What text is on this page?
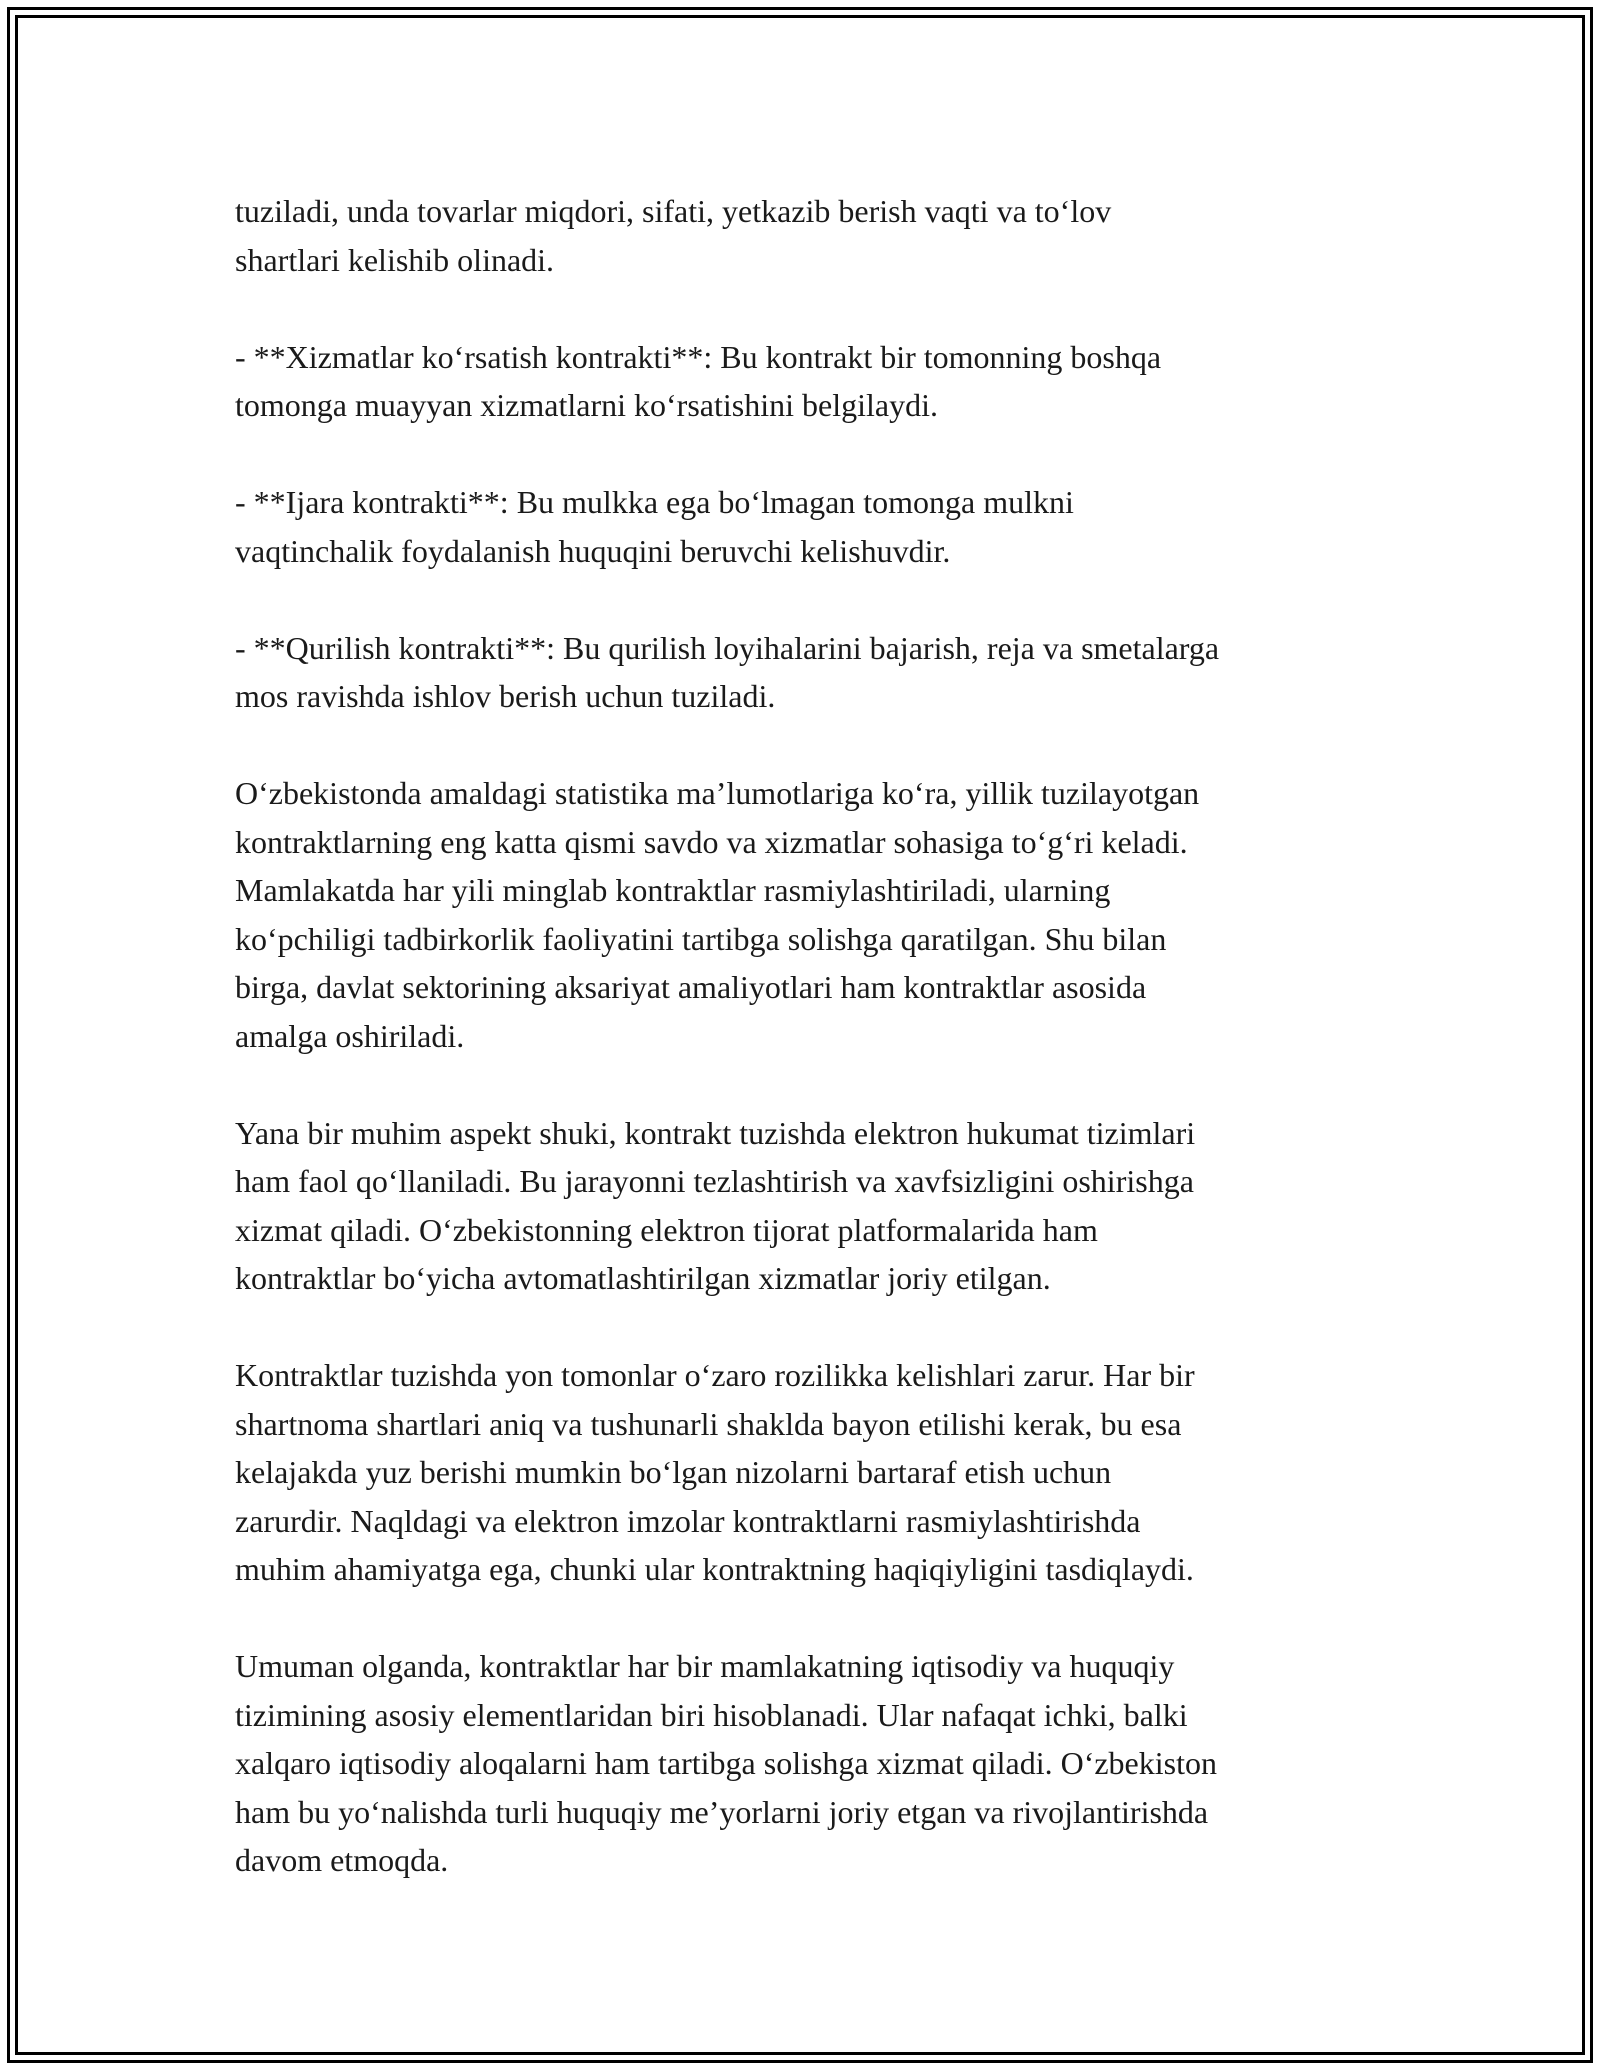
tuziladi, unda tovarlar miqdori, sifati, yetkazib berish vaqti va to‘lov
shartlari kelishib olinadi.

- **Xizmatlar ko‘rsatish kontrakti**: Bu kontrakt bir tomonning boshqa
tomonga muayyan xizmatlarni ko‘rsatishini belgilaydi.

- **Ijara kontrakti**: Bu mulkka ega bo‘lmagan tomonga mulkni
vaqtinchalik foydalanish huquqini beruvchi kelishuvdir.

- **Qurilish kontrakti**: Bu qurilish loyihalarini bajarish, reja va smetalarga
mos ravishda ishlov berish uchun tuziladi.

O‘zbekistonda amaldagi statistika ma’lumotlariga ko‘ra, yillik tuzilayotgan
kontraktlarning eng katta qismi savdo va xizmatlar sohasiga to‘g‘ri keladi.
Mamlakatda har yili minglab kontraktlar rasmiylashtiriladi, ularning
ko‘pchiligi tadbirkorlik faoliyatini tartibga solishga qaratilgan. Shu bilan
birga, davlat sektorining aksariyat amaliyotlari ham kontraktlar asosida
amalga oshiriladi.

Yana bir muhim aspekt shuki, kontrakt tuzishda elektron hukumat tizimlari
ham faol qo‘llaniladi. Bu jarayonni tezlashtirish va xavfsizligini oshirishga
xizmat qiladi. O‘zbekistonning elektron tijorat platformalarida ham
kontraktlar bo‘yicha avtomatlashtirilgan xizmatlar joriy etilgan.

Kontraktlar tuzishda yon tomonlar o‘zaro rozilikka kelishlari zarur. Har bir
shartnoma shartlari aniq va tushunarli shaklda bayon etilishi kerak, bu esa
kelajakda yuz berishi mumkin bo‘lgan nizolarni bartaraf etish uchun
zarurdir. Naqldagi va elektron imzolar kontraktlarni rasmiylashtirishda
muhim ahamiyatga ega, chunki ular kontraktning haqiqiyligini tasdiqlaydi.

Umuman olganda, kontraktlar har bir mamlakatning iqtisodiy va huquqiy
tizimining asosiy elementlaridan biri hisoblanadi. Ular nafaqat ichki, balki
xalqaro iqtisodiy aloqalarni ham tartibga solishga xizmat qiladi. O‘zbekiston
ham bu yo‘nalishda turli huquqiy me’yorlarni joriy etgan va rivojlantirishda
davom etmoqda.
